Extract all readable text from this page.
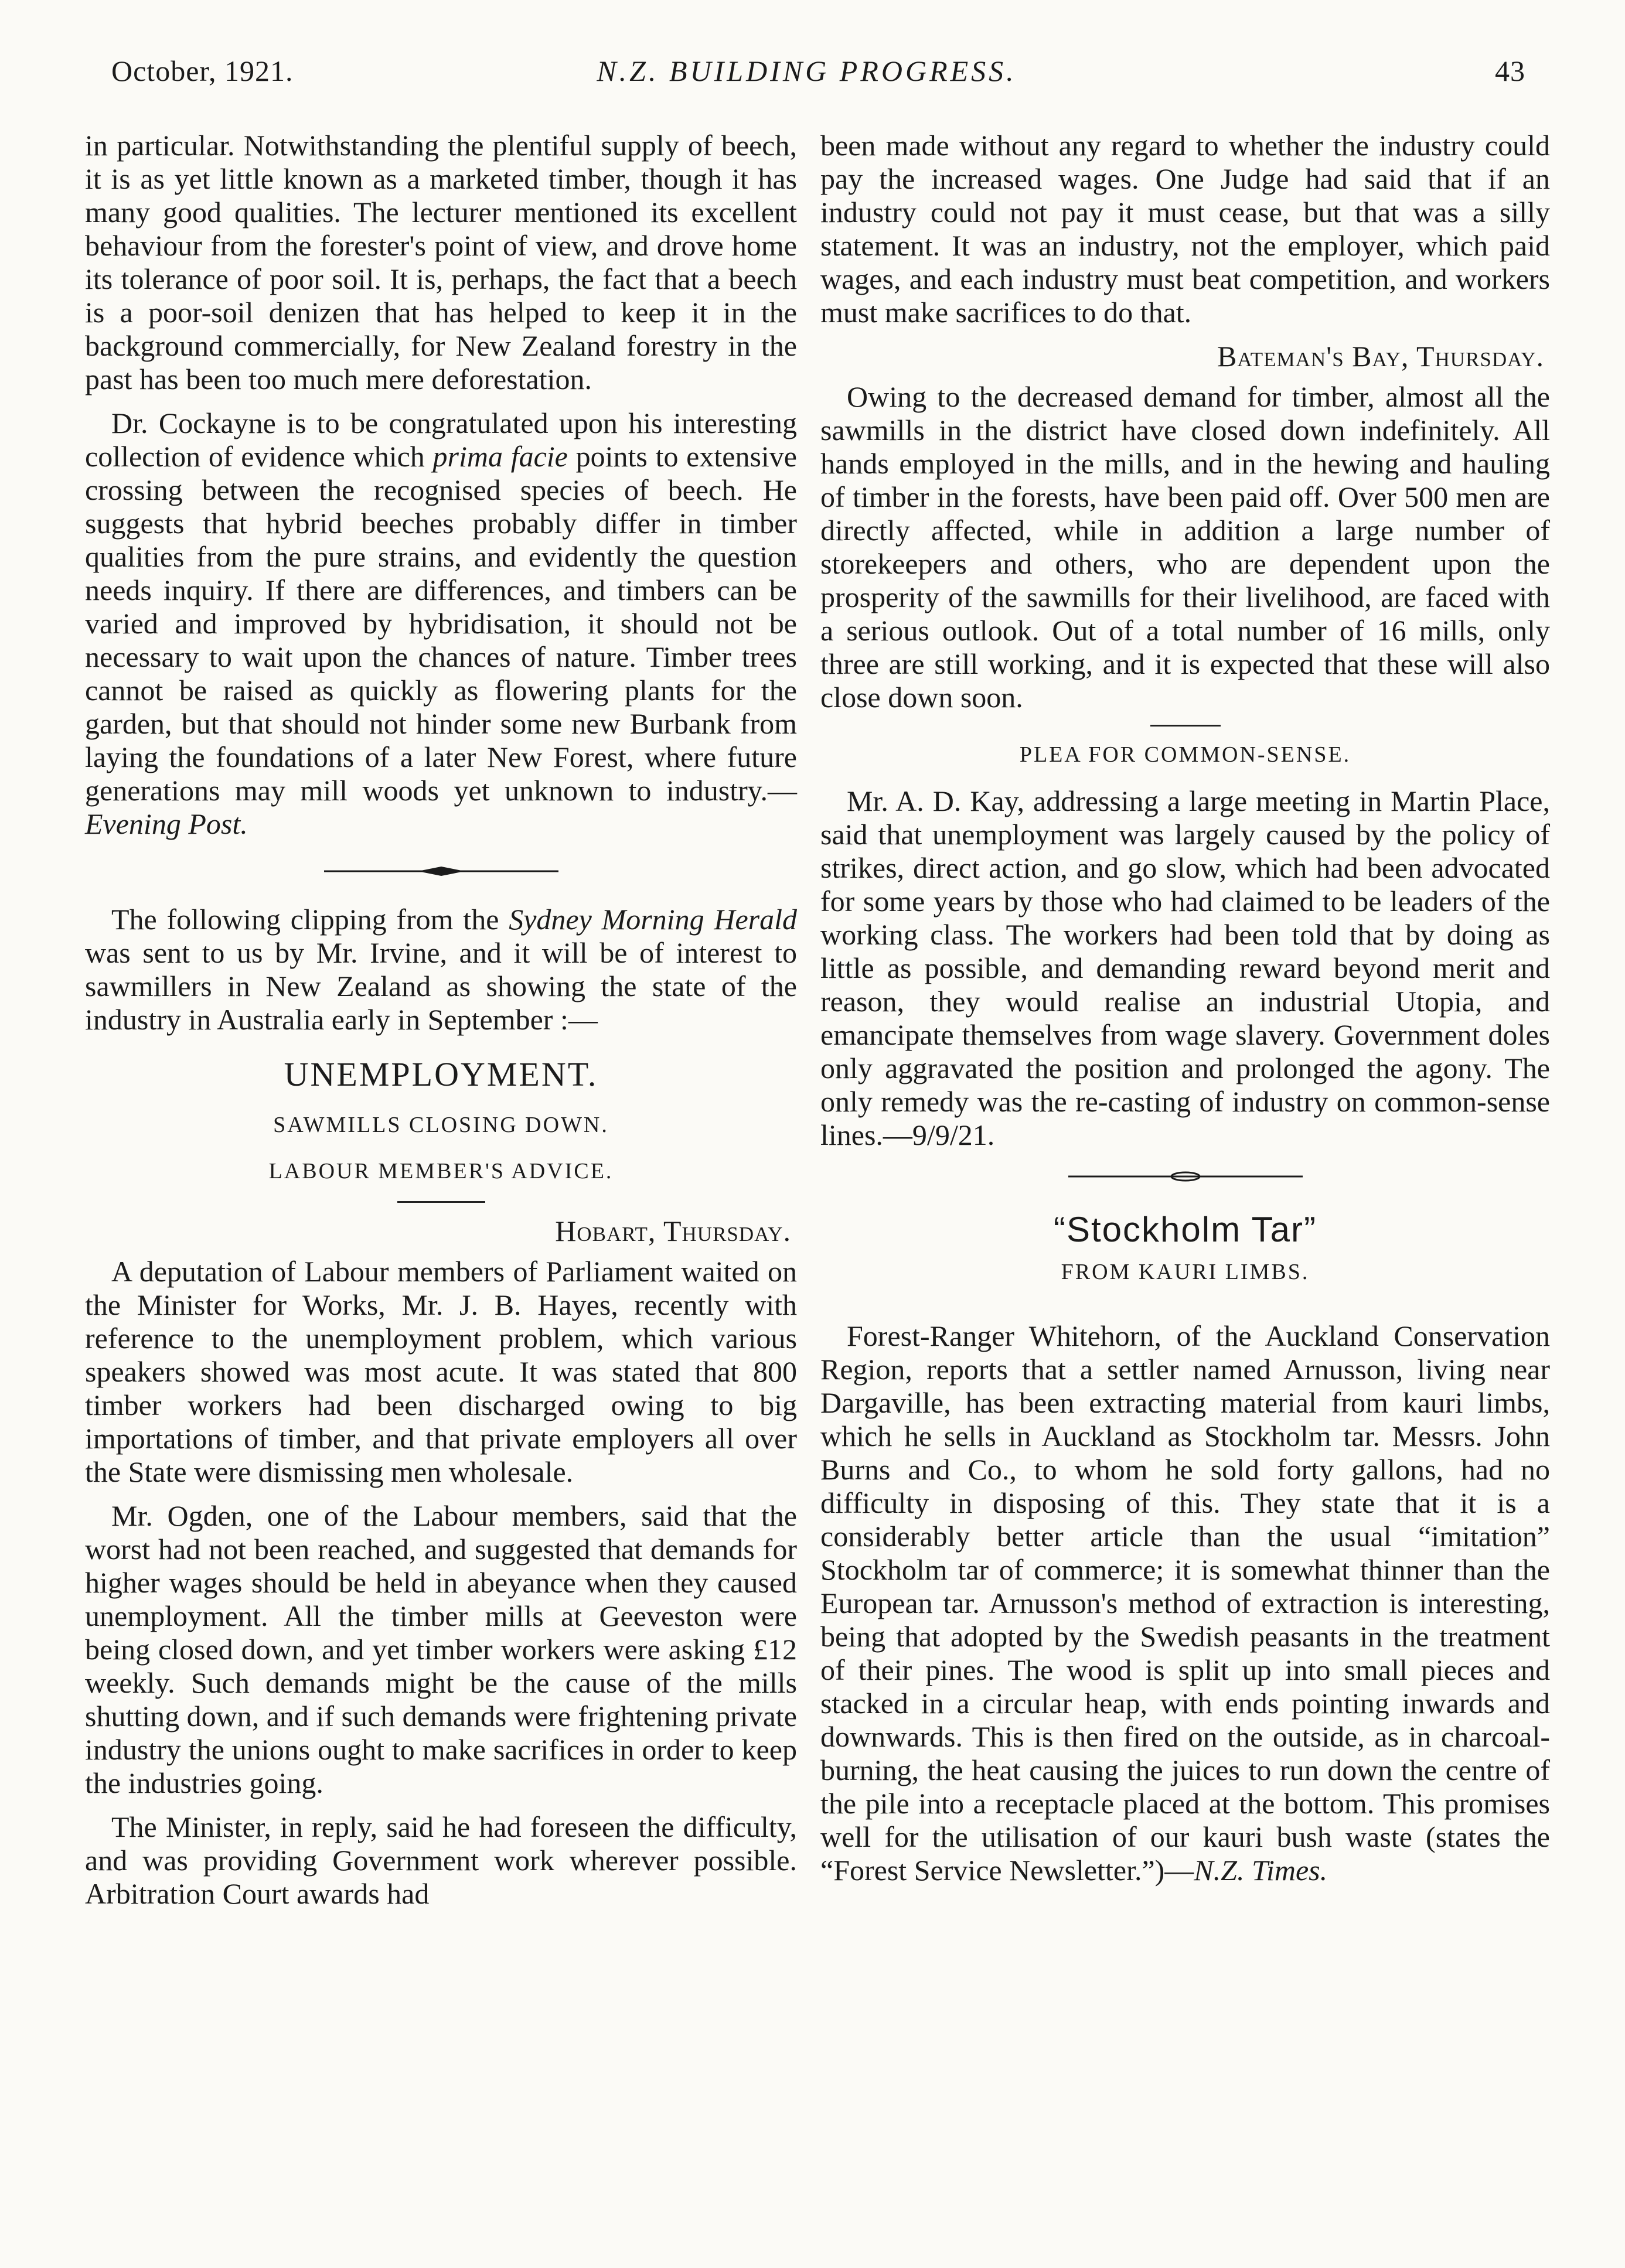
October, 1921.	N.Z. BUILDING PROGRESS.	43

in particular. Notwithstanding the plentiful supply of beech, it is as yet little known as a marketed timber, though it has many good qualities. The lecturer mentioned its excellent behaviour from the forester's point of view, and drove home its tolerance of poor soil. It is, perhaps, the fact that a beech is a poor-soil denizen that has helped to keep it in the background commercially, for New Zealand forestry in the past has been too much mere deforestation.

Dr. Cockayne is to be congratulated upon his interesting collection of evidence which prima facie points to extensive crossing between the recognised species of beech. He suggests that hybrid beeches probably differ in timber qualities from the pure strains, and evidently the question needs inquiry. If there are differences, and timbers can be varied and improved by hybridisation, it should not be necessary to wait upon the chances of nature. Timber trees cannot be raised as quickly as flowering plants for the garden, but that should not hinder some new Burbank from laying the foundations of a later New Forest, where future generations may mill woods yet unknown to industry.— Evening Post.

The following clipping from the Sydney Morning Herald was sent to us by Mr. Irvine, and it will be of interest to sawmillers in New Zealand as showing the state of the industry in Australia early in September :—

UNEMPLOYMENT.
SAWMILLS CLOSING DOWN.
LABOUR MEMBER'S ADVICE.
Hobart, Thursday.

A deputation of Labour members of Parliament waited on the Minister for Works, Mr. J. B. Hayes, recently with reference to the unemployment problem, which various speakers showed was most acute. It was stated that 800 timber workers had been discharged owing to big importations of timber, and that private employers all over the State were dismissing men wholesale.

Mr. Ogden, one of the Labour members, said that the worst had not been reached, and suggested that demands for higher wages should be held in abeyance when they caused unemployment. All the timber mills at Geeveston were being closed down, and yet timber workers were asking £12 weekly. Such demands might be the cause of the mills shutting down, and if such demands were frightening private industry the unions ought to make sacrifices in order to keep the industries going.

The Minister, in reply, said he had foreseen the difficulty, and was providing Government work wherever possible. Arbitration Court awards had

been made without any regard to whether the industry could pay the increased wages. One Judge had said that if an industry could not pay it must cease, but that was a silly statement. It was an industry, not the employer, which paid wages, and each industry must beat competition, and workers must make sacrifices to do that.

Bateman's Bay, Thursday.

Owing to the decreased demand for timber, almost all the sawmills in the district have closed down indefinitely. All hands employed in the mills, and in the hewing and hauling of timber in the forests, have been paid off. Over 500 men are directly affected, while in addition a large number of storekeepers and others, who are dependent upon the prosperity of the sawmills for their livelihood, are faced with a serious outlook. Out of a total number of 16 mills, only three are still working, and it is expected that these will also close down soon.

PLEA FOR COMMON-SENSE.

Mr. A. D. Kay, addressing a large meeting in Martin Place, said that unemployment was largely caused by the policy of strikes, direct action, and go slow, which had been advocated for some years by those who had claimed to be leaders of the working class. The workers had been told that by doing as little as possible, and demanding reward beyond merit and reason, they would realise an industrial Utopia, and emancipate themselves from wage slavery. Government doles only aggravated the position and prolonged the agony. The only remedy was the re-casting of industry on common-sense lines.—9/9/21.

“Stockholm Tar”
FROM KAURI LIMBS.

Forest-Ranger Whitehorn, of the Auckland Conservation Region, reports that a settler named Arnusson, living near Dargaville, has been extracting material from kauri limbs, which he sells in Auckland as Stockholm tar. Messrs. John Burns and Co., to whom he sold forty gallons, had no difficulty in disposing of this. They state that it is a considerably better article than the usual “imitation” Stockholm tar of commerce; it is somewhat thinner than the European tar. Arnusson's method of extraction is interesting, being that adopted by the Swedish peasants in the treatment of their pines. The wood is split up into small pieces and stacked in a circular heap, with ends pointing inwards and downwards. This is then fired on the outside, as in charcoal-burning, the heat causing the juices to run down the centre of the pile into a receptacle placed at the bottom. This promises well for the utilisation of our kauri bush waste (states the “Forest Service Newsletter.”)—N.Z. Times.
